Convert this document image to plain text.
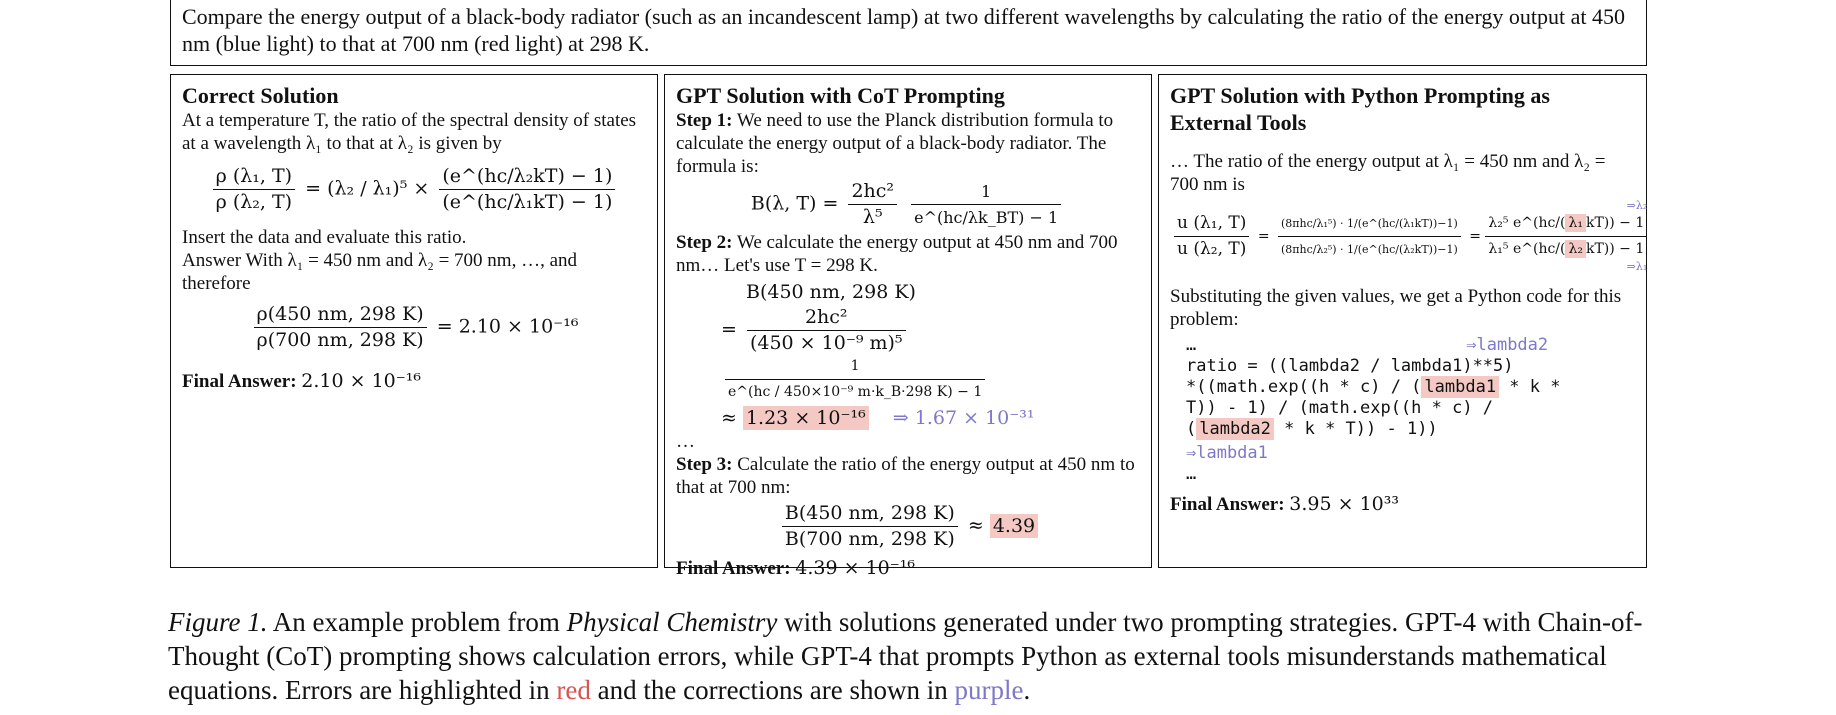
Compare the energy output of a black-body radiator (such as an incandescent lamp) at two different wavelengths by calculating the ratio of the energy output at 450 nm (blue light) to that at 700 nm (red light) at 298 K.
Correct Solution
At a temperature T, the ratio of the spectral density of states at a wavelength λ₁ to that at λ₂ is given by
$\frac{\text{ρ (λ₁, T)}}{\text{ρ (λ₂, T)}} = (\lambda_2 / \lambda_1)^5 \times \frac{\text{(e\textasciicircum{}(hc/λ₂kT) − 1)}}{\text{(e\textasciicircum{}(hc/λ₁kT) − 1)}}$
Insert the data and evaluate this ratio.
Answer With λ₁ = 450 nm and λ₂ = 700 nm, …, and therefore
$\frac{\rho(450 nm, 298 K)}{\rho(700 nm, 298 K)} = 2.10 \times 10^{-16}$
Final Answer: 2.10 × 10⁻¹⁶
GPT Solution with CoT Prompting
Step 1: We need to use the Planck distribution formula to calculate the energy output of a black-body radiator. The formula is:
B(λ, $T) = \frac{\text{2hc²}}{\text{λ⁵}}$
$\frac{1}{e\^{}(hc/\lambda k\_BT) - 1}$
Step 2: We calculate the energy output at 450 nm and 700 nm… Let's use T = 298 K.
B(450 nm, 298 K)
= $\frac{\text{2hc²}}{\text{(450 × 10⁻⁹ m)⁵}}$

$\frac{1}{\text{e\textasciicircum{}(hc / 450×10⁻⁹ m·k\_B·298 K) − 1}}$
≈ 1.23 × 10⁻¹⁶ ⇒ 1.67 × 10⁻³¹
…
Step 3: Calculate the ratio of the energy output at 450 nm to that at 700 nm:
$\frac{B(450 nm, 298 K)}{B(700 nm, 298 K)} \approx 4.39$
Final Answer: 4.39 × 10⁻¹⁶
GPT Solution with Python Prompting as External Tools
… The ratio of the energy output at λ₁ = 450 nm and λ₂ = 700 nm is
$\frac{\text{u (λ₁, T)}}{\text{u (λ₂, T)}} = \frac{\text{(8πhc/λ₁⁵) · 1/(e\textasciicircum{}(hc/(λ₁kT))−1)}}{\text{(8πhc/λ₂⁵) · 1/(e\textasciicircum{}(hc/(λ₂kT))−1)}}$ =
⇒λ₂
$\frac{\text{λ₂⁵ e\textasciicircum{}(hc/( λ₁ kT)) − 1}}{\text{λ₁⁵ e\textasciicircum{}(hc/( λ₂ kT)) − 1}}$
⇒λ₁
Substituting the given values, we get a Python code for this problem:
…	⇒lambda2
ratio = ((lambda2 / lambda1)**5)
*((math.exp((h * c) / ( lambda1 * k *
T)) - 1) / (math.exp((h * c) /
( lambda2 * k * T)) - 1))
⇒lambda1
…
Final Answer: 3.95 × 10³³
Figure 1. An example problem from Physical Chemistry with solutions generated under two prompting strategies. GPT-4 with Chain-of-Thought (CoT) prompting shows calculation errors, while GPT-4 that prompts Python as external tools misunderstands mathematical equations. Errors are highlighted in red and the corrections are shown in purple.
